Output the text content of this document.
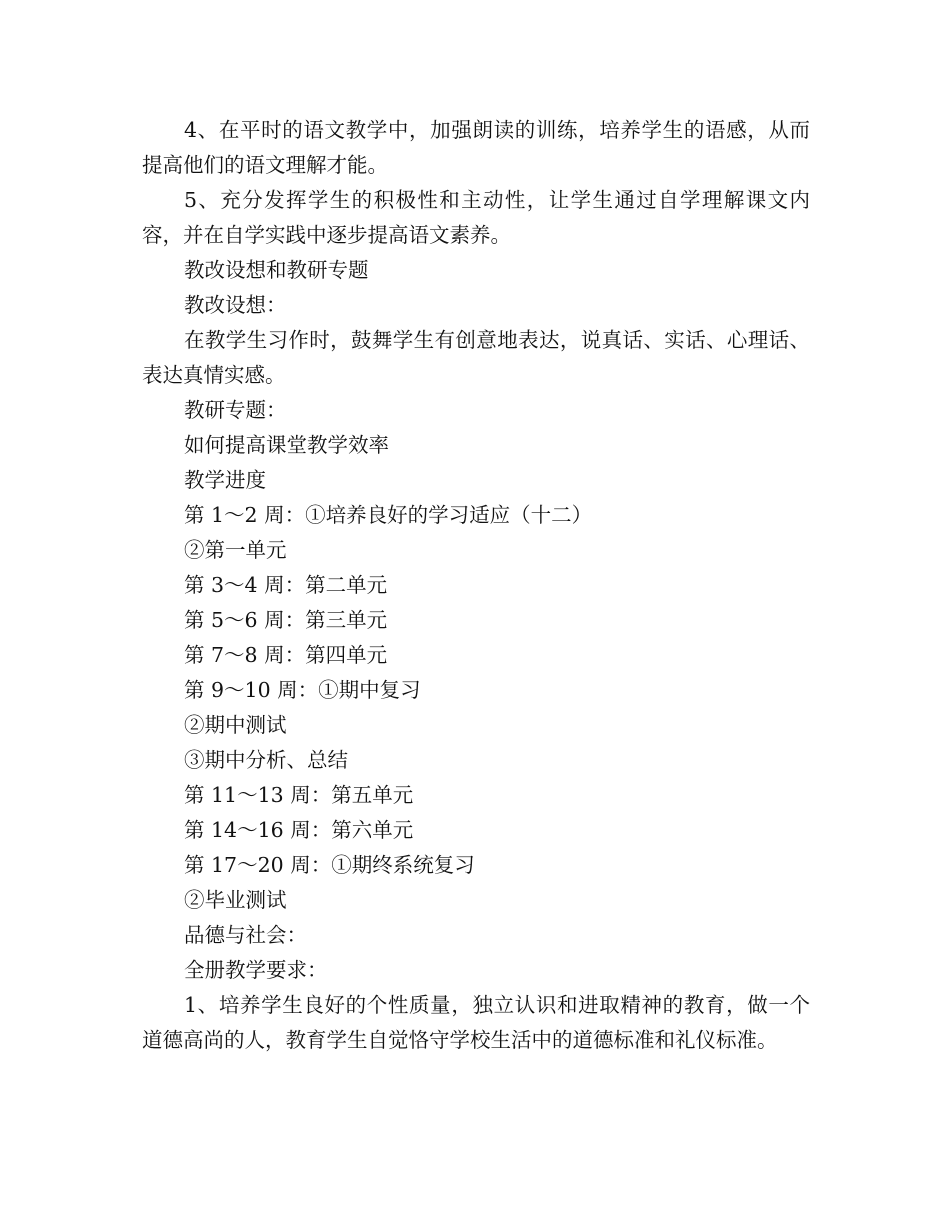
4、在平时的语文教学中，加强朗读的训练，培养学生的语感，从而提高他们的语文理解才能。

5、充分发挥学生的积极性和主动性，让学生通过自学理解课文内容，并在自学实践中逐步提高语文素养。

教改设想和教研专题

教改设想：

在教学生习作时，鼓舞学生有创意地表达，说真话、实话、心理话、表达真情实感。

教研专题：

如何提高课堂教学效率

教学进度

第 1～2 周：①培养良好的学习适应（十二）

②第一单元

第 3～4 周：第二单元

第 5～6 周：第三单元

第 7～8 周：第四单元

第 9～10 周：①期中复习

②期中测试

③期中分析、总结

第 11～13 周：第五单元

第 14～16 周：第六单元

第 17～20 周：①期终系统复习

②毕业测试

品德与社会：

全册教学要求：

1、培养学生良好的个性质量，独立认识和进取精神的教育，做一个道德高尚的人，教育学生自觉恪守学校生活中的道德标准和礼仪标准。
